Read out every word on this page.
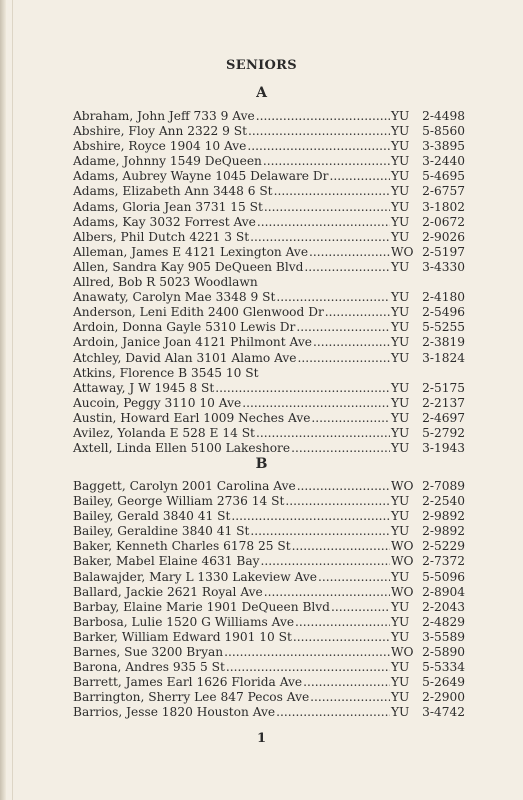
SENIORS
A
Abraham, John Jeff 733 9 Ave .....	YU	2-4498
Abshire, Floy Ann 2322 9 St .....	YU	5-8560
Abshire, Royce 1904 10 Ave .....	YU	3-3895
Adame, Johnny 1549 DeQueen .....	YU	3-2440
Adams, Aubrey Wayne 1045 Delaware Dr .....	YU	5-4695
Adams, Elizabeth Ann 3448 6 St .....	YU	2-6757
Adams, Gloria Jean 3731 15 St .....	YU	3-1802
Adams, Kay 3032 Forrest Ave .....	YU	2-0672
Albers, Phil Dutch 4221 3 St .....	YU	2-9026
Alleman, James E 4121 Lexington Ave .....	WO 2-5197
Allen, Sandra Kay 905 DeQueen Blvd .....	YU	3-4330
Allred, Bob R 5023 Woodlawn
Anawaty, Carolyn Mae 3348 9 St .....	YU	2-4180
Anderson, Leni Edith 2400 Glenwood Dr .....	YU	2-5496
Ardoin, Donna Gayle 5310 Lewis Dr .....	YU	5-5255
Ardoin, Janice Joan 4121 Philmont Ave .....	YU	2-3819
Atchley, David Alan 3101 Alamo Ave .....	YU	3-1824
Atkins, Florence B 3545 10 St
Attaway, J W 1945 8 St .....	YU	2-5175
Aucoin, Peggy 3110 10 Ave .....	YU	2-2137
Austin, Howard Earl 1009 Neches Ave .....	YU	2-4697
Avilez, Yolanda E 528 E 14 St .....	YU	5-2792
Axtell, Linda Ellen 5100 Lakeshore .....	YU	3-1943
B
Baggett, Carolyn 2001 Carolina Ave .....	WO 2-7089
Bailey, George William 2736 14 St .....	YU	2-2540
Bailey, Gerald 3840 41 St .....	YU	2-9892
Bailey, Geraldine 3840 41 St .....	YU	2-9892
Baker, Kenneth Charles 6178 25 St .....	WO 2-5229
Baker, Mabel Elaine 4631 Bay .....	WO 2-7372
Balawajder, Mary L 1330 Lakeview Ave .....	YU	5-5096
Ballard, Jackie 2621 Royal Ave .....	WO 2-8904
Barbay, Elaine Marie 1901 DeQueen Blvd .....	YU	2-2043
Barbosa, Lulie 1520 G Williams Ave .....	YU	2-4829
Barker, William Edward 1901 10 St .....	YU	3-5589
Barnes, Sue 3200 Bryan .....	WO 2-5890
Barona, Andres 935 5 St .....	YU	5-5334
Barrett, James Earl 1626 Florida Ave .....	YU	5-2649
Barrington, Sherry Lee 847 Pecos Ave .....	YU	2-2900
Barrios, Jesse 1820 Houston Ave .....	YU	3-4742
1
